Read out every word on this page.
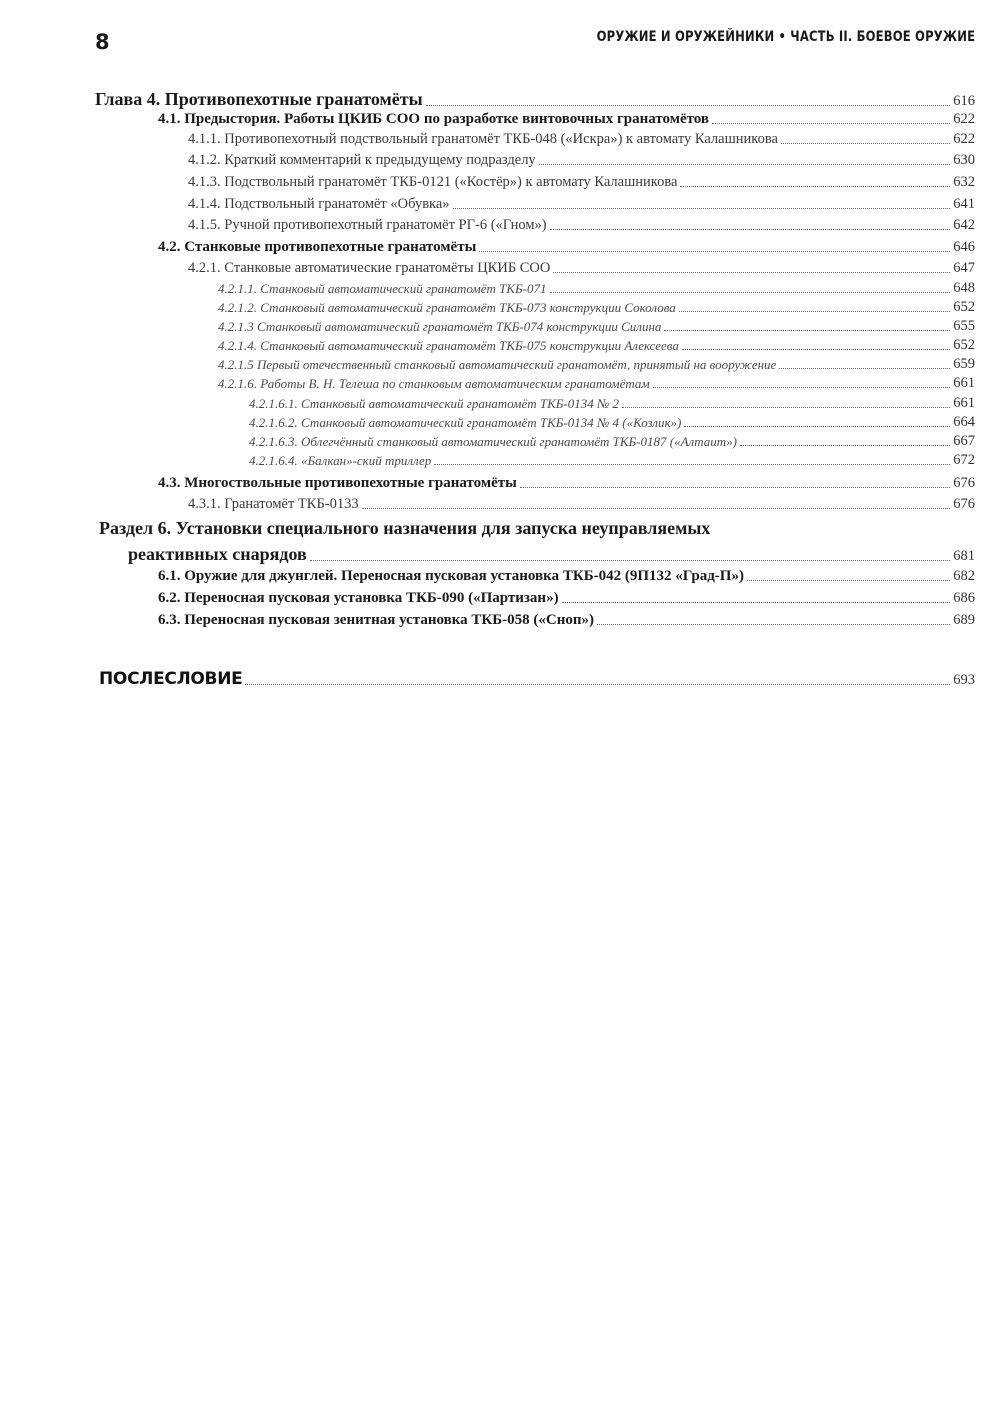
8	ОРУЖИЕ И ОРУЖЕЙНИКИ • ЧАСТЬ II. БОЕВОЕ ОРУЖИЕ
Глава 4. Противопехотные гранатомёты	616
4.1. Предыстория. Работы ЦКИБ СОО по разработке винтовочных гранатомётов	622
4.1.1. Противопехотный подствольный гранатомёт ТКБ-048 («Искра») к автомату Калашникова	622
4.1.2. Краткий комментарий к предыдущему подразделу	630
4.1.3. Подствольный гранатомёт ТКБ-0121 («Костёр») к автомату Калашникова	632
4.1.4. Подствольный гранатомёт «Обувка»	641
4.1.5. Ручной противопехотный гранатомёт РГ-6 («Гном»)	642
4.2. Станковые противопехотные гранатомёты	646
4.2.1. Станковые автоматические гранатомёты ЦКИБ СОО	647
4.2.1.1. Станковый автоматический гранатомёт ТКБ-071	648
4.2.1.2. Станковый автоматический гранатомёт ТКБ-073 конструкции Соколова	652
4.2.1.3 Станковый автоматический гранатомёт ТКБ-074 конструкции Силина	655
4.2.1.4. Станковый автоматический гранатомёт ТКБ-075 конструкции Алексеева	652
4.2.1.5 Первый отечественный станковый автоматический гранатомёт, принятый на вооружение	659
4.2.1.6. Работы В. Н. Телеша по станковым автоматическим гранатомётам	661
4.2.1.6.1. Станковый автоматический гранатомёт ТКБ-0134 № 2	661
4.2.1.6.2. Станковый автоматический гранатомёт ТКБ-0134 № 4 («Козлик»)	664
4.2.1.6.3. Облегчённый станковый автоматический гранатомёт ТКБ-0187 («Алтаит»)	667
4.2.1.6.4. «Балкан»-ский триллер	672
4.3. Многоствольные противопехотные гранатомёты	676
4.3.1. Гранатомёт ТКБ-0133	676
Раздел 6. Установки специального назначения для запуска неуправляемых
реактивных снарядов	681
6.1. Оружие для джунглей. Переносная пусковая установка ТКБ-042 (9П132 «Град-П»)	682
6.2. Переносная пусковая установка ТКБ-090 («Партизан»)	686
6.3. Переносная пусковая зенитная установка ТКБ-058 («Сноп»)	689
ПОСЛЕСЛОВИЕ	693
